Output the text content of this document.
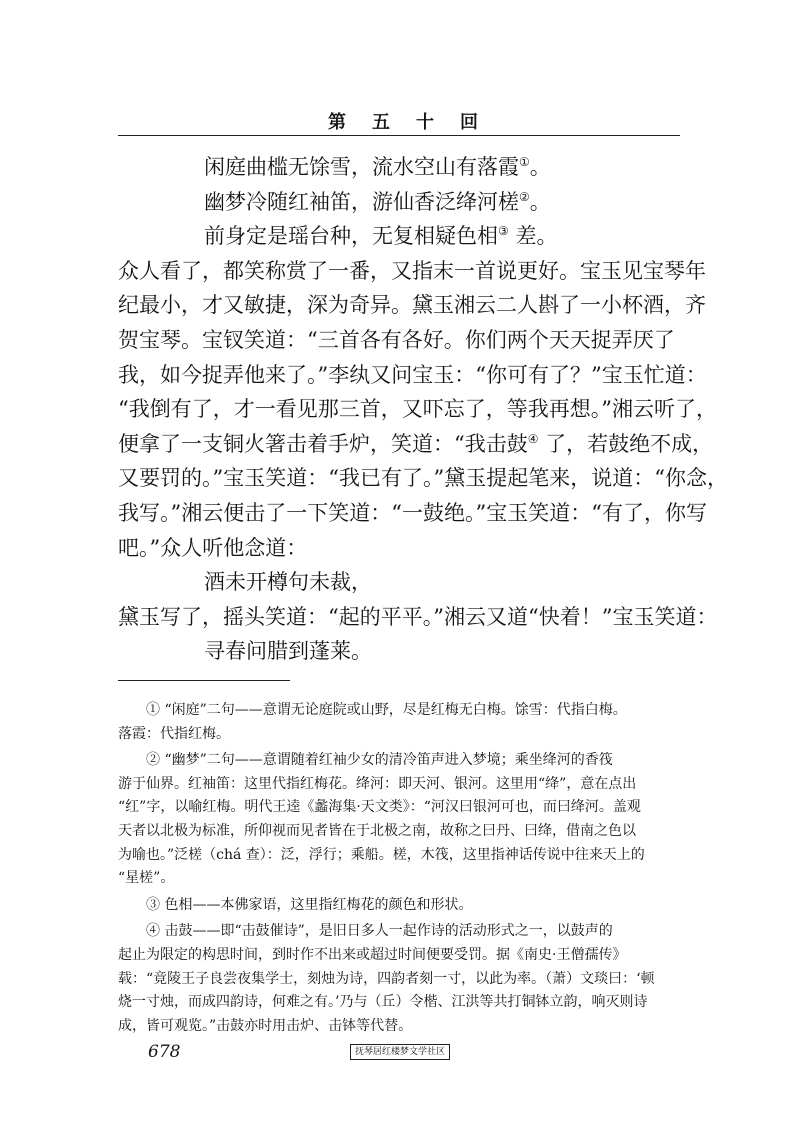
第 五 十 回
闲庭曲槛无馀雪，流水空山有落霞①。
幽梦冷随红袖笛，游仙香泛绛河槎②。
前身定是瑶台种，无复相疑色相③ 差。
众人看了，都笑称赏了一番，又指末一首说更好。宝玉见宝琴年
纪最小，才又敏捷，深为奇异。黛玉湘云二人斟了一小杯酒，齐
贺宝琴。宝钗笑道：“三首各有各好。你们两个天天捉弄厌了
我，如今捉弄他来了。”李纨又问宝玉：“你可有了？”宝玉忙道：
“我倒有了，才一看见那三首，又吓忘了，等我再想。”湘云听了，
便拿了一支铜火箸击着手炉，笑道：“我击鼓④ 了，若鼓绝不成，
又要罚的。”宝玉笑道：“我已有了。”黛玉提起笔来，说道：“你念，
我写。”湘云便击了一下笑道：“一鼓绝。”宝玉笑道：“有了，你写
吧。”众人听他念道：
酒未开樽句未裁，
黛玉写了，摇头笑道：“起的平平。”湘云又道“快着！”宝玉笑道：
寻春问腊到蓬莱。
① “闲庭”二句——意谓无论庭院或山野，尽是红梅无白梅。馀雪：代指白梅。
落霞：代指红梅。
② “幽梦”二句——意谓随着红袖少女的清冷笛声进入梦境；乘坐绛河的香筏
游于仙界。红袖笛：这里代指红梅花。绛河：即天河、银河。这里用“绛”，意在点出
“红”字，以喻红梅。明代王逵《蠡海集·天文类》：“河汉曰银河可也，而曰绛河。盖观
天者以北极为标准，所仰视而见者皆在于北极之南，故称之曰丹、曰绛，借南之色以
为喻也。”泛槎（chá 查）：泛，浮行；乘船。槎，木筏，这里指神话传说中往来天上的
“星槎”。
③ 色相——本佛家语，这里指红梅花的颜色和形状。
④ 击鼓——即“击鼓催诗”，是旧日多人一起作诗的活动形式之一，以鼓声的
起止为限定的构思时间，到时作不出来或超过时间便要受罚。据《南史·王僧孺传》
载：“竟陵王子良尝夜集学士，刻烛为诗，四韵者刻一寸，以此为率。（萧）文琰曰：‘顿
烧一寸烛，而成四韵诗，何难之有。’乃与（丘）令楷、江洪等共打铜钵立韵，响灭则诗
成，皆可观览。”击鼓亦时用击炉、击钵等代替。
678	抚琴居红楼梦文学社区
